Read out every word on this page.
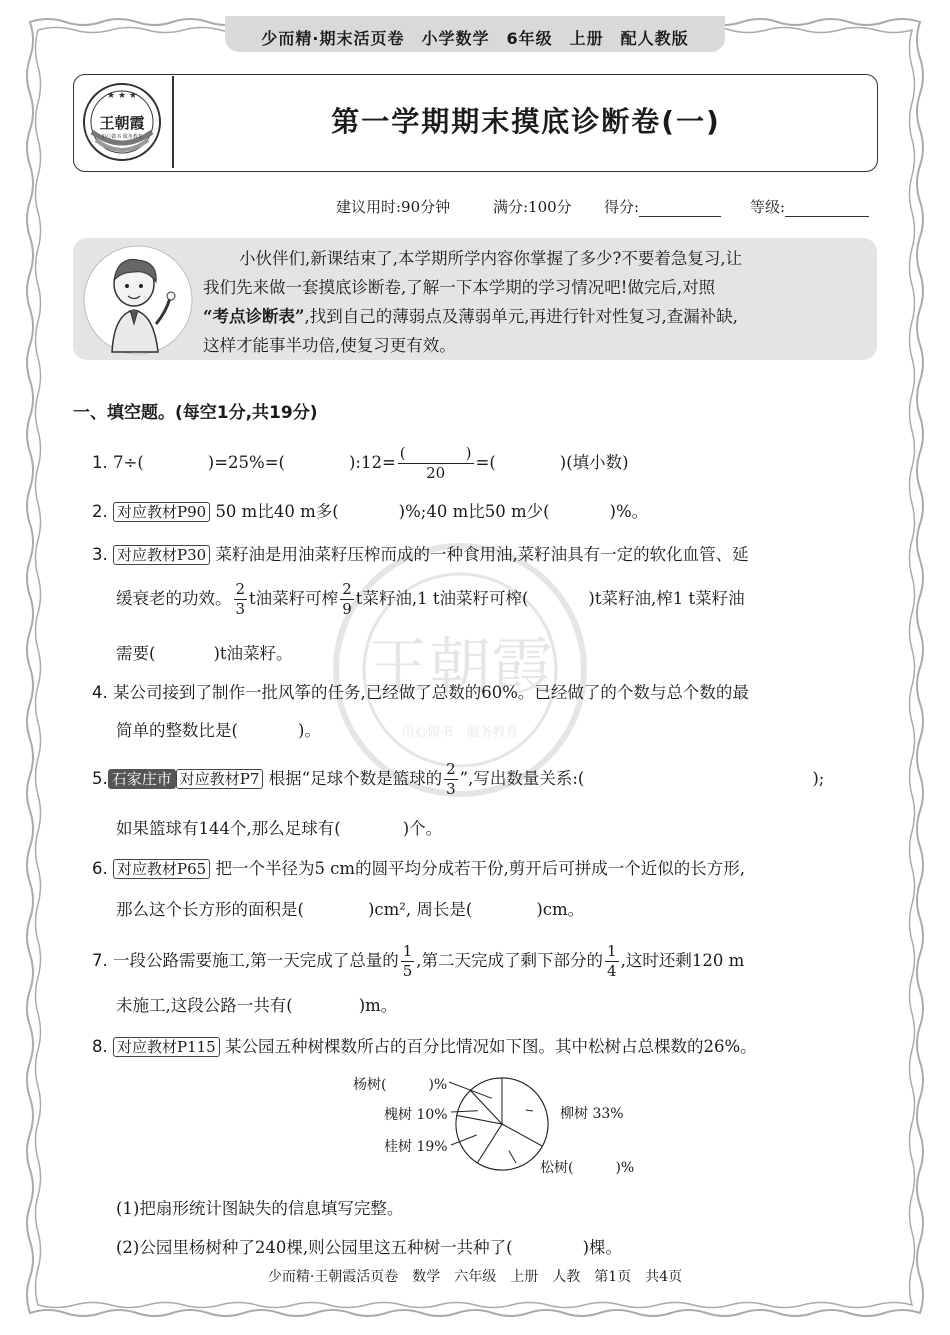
少而精·期末活页卷　小学数学　6年级　上册　配人教版
★ ★ ★
王朝霞
用心做书 服务教育	第一学期期末摸底诊断卷(一)
建议用时:90分钟	满分:100分 得分:	等级:
小伙伴们,新课结束了,本学期所学内容你掌握了多少?不要着急复习,让
我们先来做一套摸底诊断卷,了解一下本学期的学习情况吧!做完后,对照
“考点诊断表”,找到自己的薄弱点及薄弱单元,再进行针对性复习,查漏补缺,
这样才能事半功倍,使复习更有效。
王朝霞
用心做书　服务教育
一、填空题。(每空1分,共19分)
1. 7÷(	)=25%=(	):12= $\frac{( )}{20}$ =(	)(填小数)
2. 对应教材P90 50 m比40 m多(	)%;40 m比50 m少(	)%。
3. 对应教材P30 菜籽油是用油菜籽压榨而成的一种食用油,菜籽油具有一定的软化血管、延
缓衰老的功效。 $\frac{2}{3}$ t油菜籽可榨 $\frac{2}{9}$ t菜籽油,1 t油菜籽可榨(	)t菜籽油,榨1 t菜籽油
需要(	)t油菜籽。
4. 某公司接到了制作一批风筝的任务,已经做了总数的60%。已经做了的个数与总个数的最
简单的整数比是(	)。
5. 石家庄市 对应教材P7 根据“足球个数是篮球的 $\frac{2}{3}$ ”,写出数量关系:(	);
如果篮球有144个,那么足球有(	)个。
6. 对应教材P65 把一个半径为5 cm的圆平均分成若干份,剪开后可拼成一个近似的长方形,
那么这个长方形的面积是(	)cm², 周长是(	)cm。
7. 一段公路需要施工,第一天完成了总量的 $\frac{1}{5}$ ,第二天完成了剩下部分的 $\frac{1}{4}$ ,这时还剩120 m
未施工,这段公路一共有(	)m。
8. 对应教材P115 某公园五种树棵数所占的百分比情况如下图。其中松树占总棵数的26%。
杨树(　　　)%
槐树 10%
桂树 19%
柳树 33%
松树(　　　)%
(1)把扇形统计图缺失的信息填写完整。
(2)公园里杨树种了240棵,则公园里这五种树一共种了(	)棵。
少而精·王朝霞活页卷　数学　六年级　上册　人教　第1页　共4页
